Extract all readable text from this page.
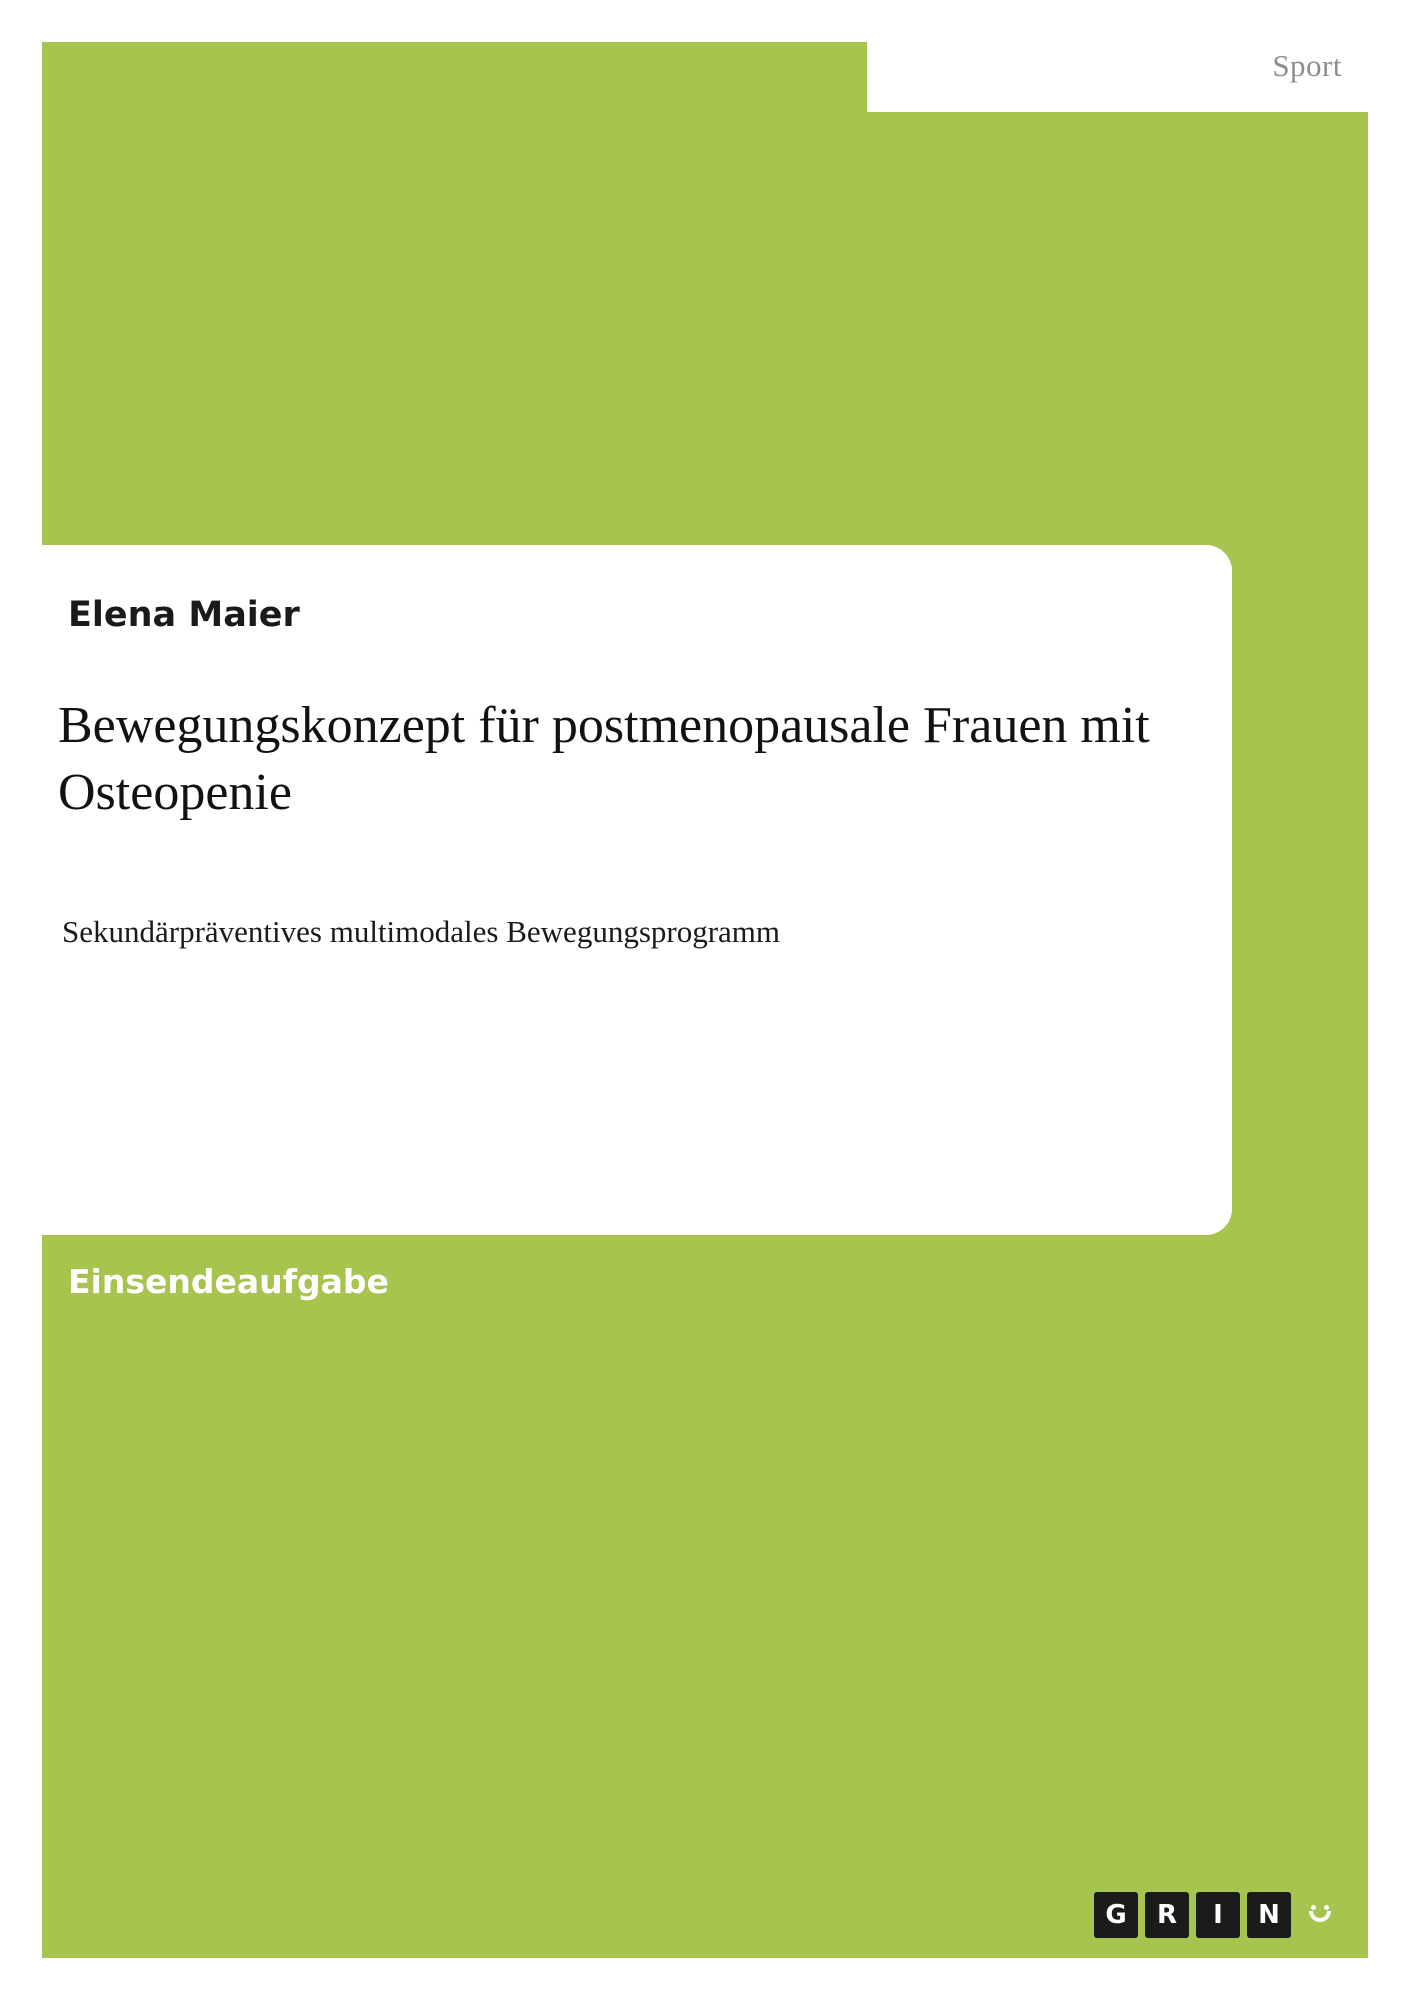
Sport
Elena Maier
Bewegungskonzept für postmenopausale Frauen mit Osteopenie
Sekundärpräventives multimodales Bewegungsprogramm
Einsendeaufgabe
G	R	I	N
